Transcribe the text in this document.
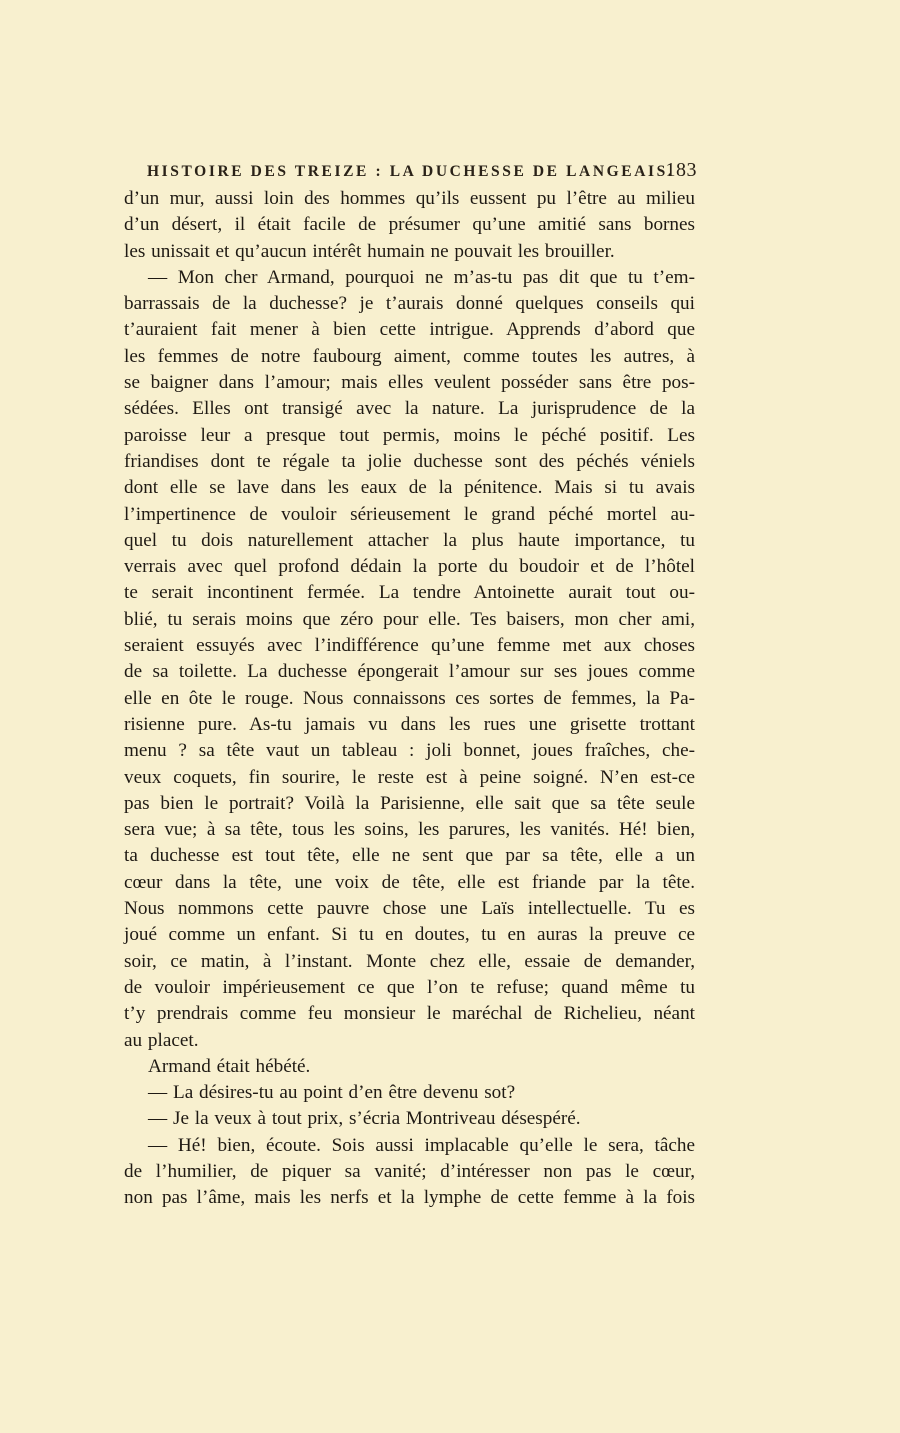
HISTOIRE DES TREIZE : LA DUCHESSE DE LANGEAIS.
183
d’un mur, aussi loin des hommes qu’ils eussent pu l’être au milieu
d’un désert, il était facile de présumer qu’une amitié sans bornes
les unissait et qu’aucun intérêt humain ne pouvait les brouiller.
— Mon cher Armand, pourquoi ne m’as-tu pas dit que tu t’em-
barrassais de la duchesse? je t’aurais donné quelques conseils qui
t’auraient fait mener à bien cette intrigue. Apprends d’abord que
les femmes de notre faubourg aiment, comme toutes les autres, à
se baigner dans l’amour; mais elles veulent posséder sans être pos-
sédées. Elles ont transigé avec la nature. La jurisprudence de la
paroisse leur a presque tout permis, moins le péché positif. Les
friandises dont te régale ta jolie duchesse sont des péchés véniels
dont elle se lave dans les eaux de la pénitence. Mais si tu avais
l’impertinence de vouloir sérieusement le grand péché mortel au-
quel tu dois naturellement attacher la plus haute importance, tu
verrais avec quel profond dédain la porte du boudoir et de l’hôtel
te serait incontinent fermée. La tendre Antoinette aurait tout ou-
blié, tu serais moins que zéro pour elle. Tes baisers, mon cher ami,
seraient essuyés avec l’indifférence qu’une femme met aux choses
de sa toilette. La duchesse épongerait l’amour sur ses joues comme
elle en ôte le rouge. Nous connaissons ces sortes de femmes, la Pa-
risienne pure. As-tu jamais vu dans les rues une grisette trottant
menu ? sa tête vaut un tableau : joli bonnet, joues fraîches, che-
veux coquets, fin sourire, le reste est à peine soigné. N’en est-ce
pas bien le portrait? Voilà la Parisienne, elle sait que sa tête seule
sera vue; à sa tête, tous les soins, les parures, les vanités. Hé! bien,
ta duchesse est tout tête, elle ne sent que par sa tête, elle a un
cœur dans la tête, une voix de tête, elle est friande par la tête.
Nous nommons cette pauvre chose une Laïs intellectuelle. Tu es
joué comme un enfant. Si tu en doutes, tu en auras la preuve ce
soir, ce matin, à l’instant. Monte chez elle, essaie de demander,
de vouloir impérieusement ce que l’on te refuse; quand même tu
t’y prendrais comme feu monsieur le maréchal de Richelieu, néant
au placet.
Armand était hébété.
— La désires-tu au point d’en être devenu sot?
— Je la veux à tout prix, s’écria Montriveau désespéré.
— Hé! bien, écoute. Sois aussi implacable qu’elle le sera, tâche
de l’humilier, de piquer sa vanité; d’intéresser non pas le cœur,
non pas l’âme, mais les nerfs et la lymphe de cette femme à la fois
